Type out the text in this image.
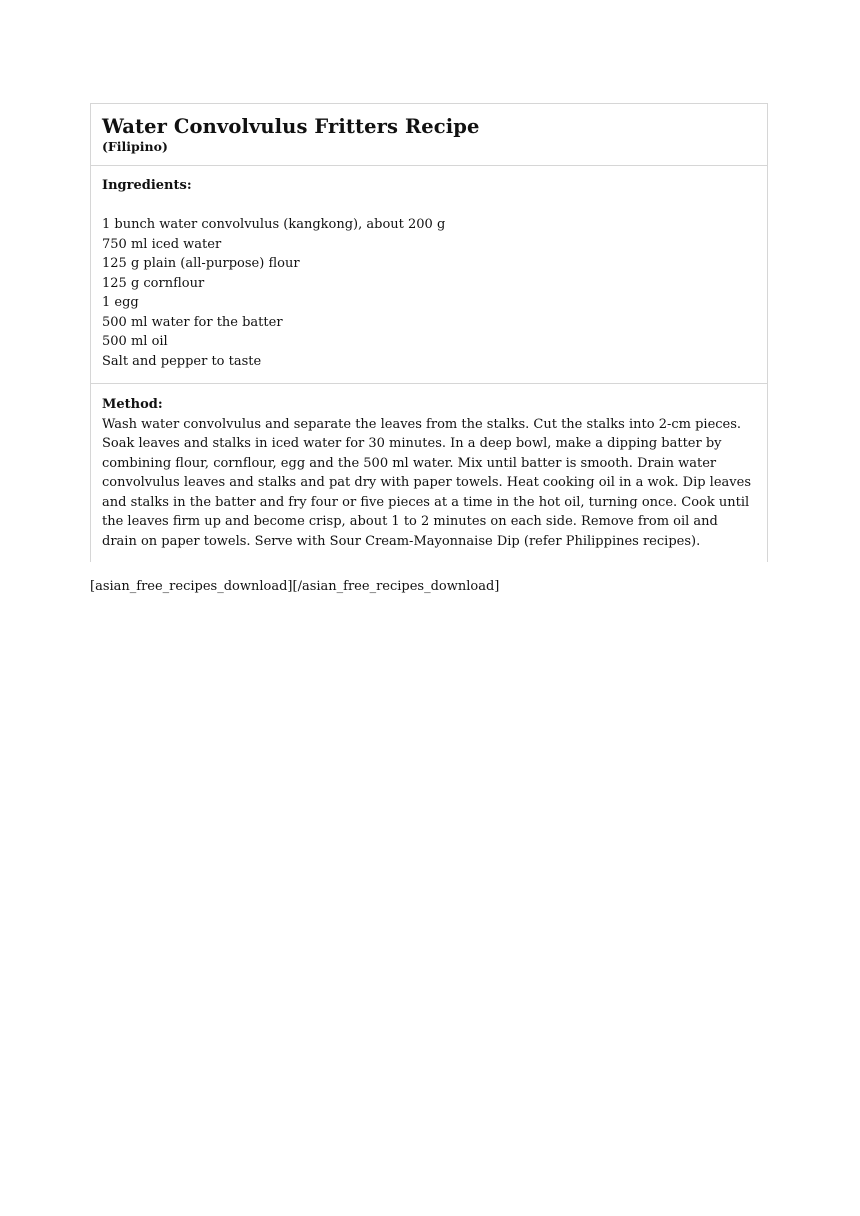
Water Convolvulus Fritters Recipe
(Filipino)
Ingredients:
1 bunch water convolvulus (kangkong), about 200 g
750 ml iced water
125 g plain (all-purpose) flour
125 g cornflour
1 egg
500 ml water for the batter
500 ml oil
Salt and pepper to taste
Method:

Wash water convolvulus and separate the leaves from the stalks. Cut the stalks into 2-cm pieces. Soak leaves and stalks in iced water for 30 minutes. In a deep bowl, make a dipping batter by combining flour, cornflour, egg and the 500 ml water. Mix until batter is smooth. Drain water convolvulus leaves and stalks and pat dry with paper towels. Heat cooking oil in a wok. Dip leaves and stalks in the batter and fry four or five pieces at a time in the hot oil, turning once. Cook until the leaves firm up and become crisp, about 1 to 2 minutes on each side. Remove from oil and drain on paper towels. Serve with Sour Cream-Mayonnaise Dip (refer Philippines recipes).

[asian_free_recipes_download][/asian_free_recipes_download]
